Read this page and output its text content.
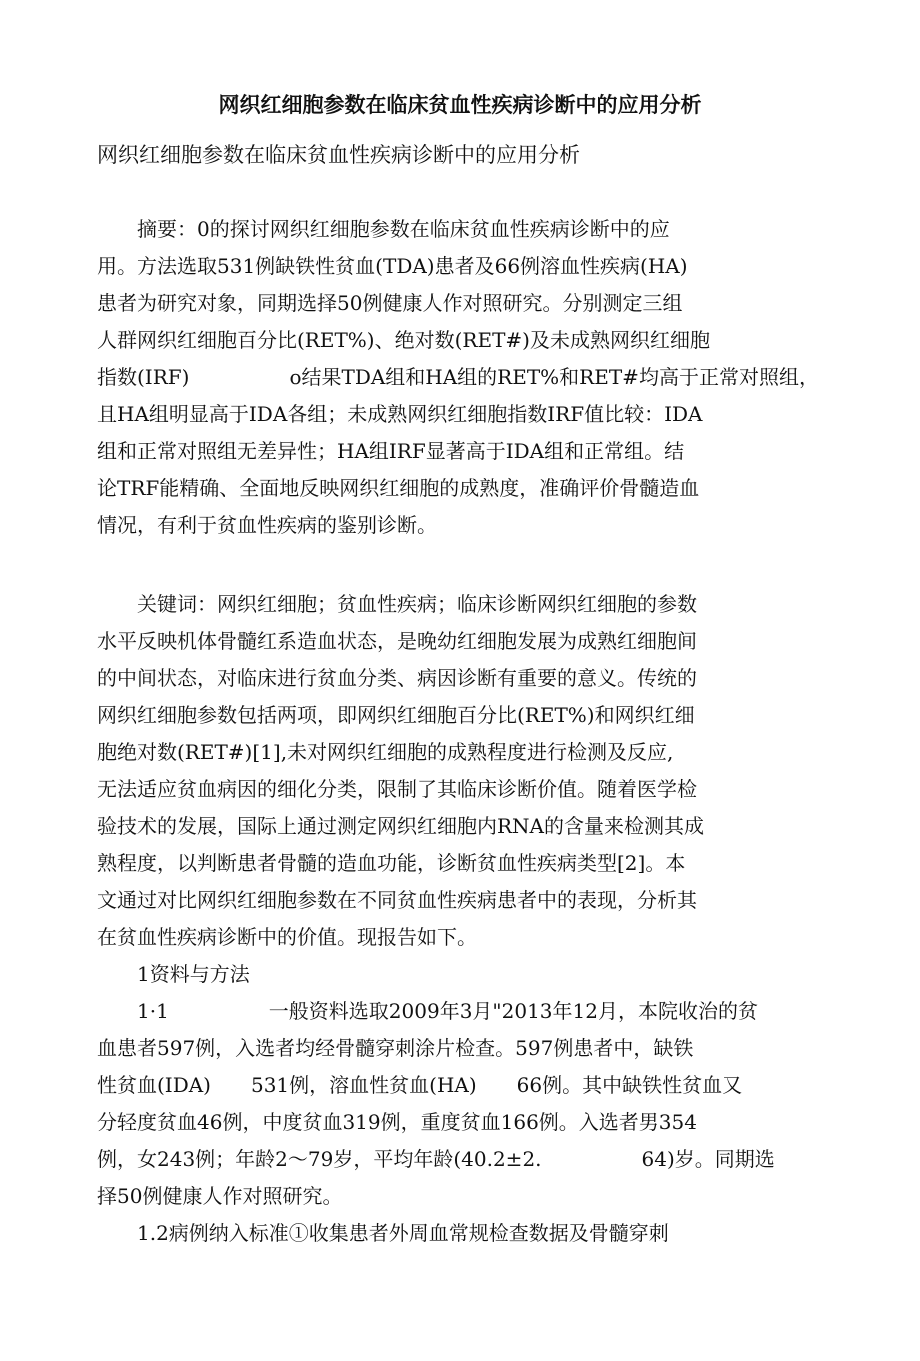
网织红细胞参数在临床贫血性疾病诊断中的应用分析
网织红细胞参数在临床贫血性疾病诊断中的应用分析
　　摘要：0的探讨网织红细胞参数在临床贫血性疾病诊断中的应
用。方法选取531例缺铁性贫血(TDA)患者及66例溶血性疾病(HA)
患者为研究对象，同期选择50例健康人作对照研究。分别测定三组
人群网织红细胞百分比(RET%)、绝对数(RET#)及未成熟网织红细胞
指数(IRF)　　　　　o结果TDA组和HA组的RET%和RET#均高于正常对照组，
且HA组明显高于IDA各组；未成熟网织红细胞指数IRF值比较：IDA
组和正常对照组无差异性；HA组IRF显著高于IDA组和正常组。结
论TRF能精确、全面地反映网织红细胞的成熟度，准确评价骨髓造血
情况，有利于贫血性疾病的鉴别诊断。
　　关键词：网织红细胞；贫血性疾病；临床诊断网织红细胞的参数
水平反映机体骨髓红系造血状态，是晚幼红细胞发展为成熟红细胞间
的中间状态，对临床进行贫血分类、病因诊断有重要的意义。传统的
网织红细胞参数包括两项，即网织红细胞百分比(RET%)和网织红细
胞绝对数(RET#)[1],未对网织红细胞的成熟程度进行检测及反应,
无法适应贫血病因的细化分类，限制了其临床诊断价值。随着医学检
验技术的发展，国际上通过测定网织红细胞内RNA的含量来检测其成
熟程度，以判断患者骨髓的造血功能，诊断贫血性疾病类型[2]。本
文通过对比网织红细胞参数在不同贫血性疾病患者中的表现，分析其
在贫血性疾病诊断中的价值。现报告如下。
　　1资料与方法
　　1·1　　　　　一般资料选取2009年3月"2013年12月，本院收治的贫
血患者597例，入选者均经骨髓穿刺涂片检查。597例患者中，缺铁
性贫血(IDA)　　531例，溶血性贫血(HA)　　66例。其中缺铁性贫血又
分轻度贫血46例，中度贫血319例，重度贫血166例。入选者男354
例，女243例；年龄2～79岁，平均年龄(40.2±2.　　　　　64)岁。同期选
择50例健康人作对照研究。
　　1.2病例纳入标准①收集患者外周血常规检查数据及骨髓穿刺
